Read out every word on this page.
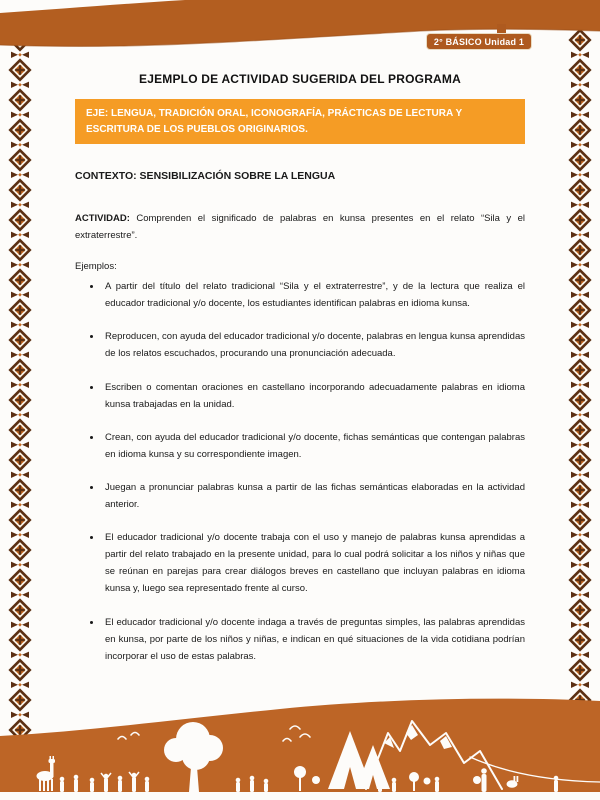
2° BÁSICO Unidad 1
EJEMPLO DE ACTIVIDAD SUGERIDA DEL PROGRAMA
EJE: LENGUA, TRADICIÓN ORAL, ICONOGRAFÍA, PRÁCTICAS DE LECTURA Y ESCRITURA DE LOS PUEBLOS ORIGINARIOS.
CONTEXTO: SENSIBILIZACIÓN SOBRE LA LENGUA

ACTIVIDAD: Comprenden el significado de palabras en kunsa presentes en el relato “Sila y el extraterrestre”.

Ejemplos:

• A partir del título del relato tradicional “Sila y el extraterrestre”, y de la lectura que realiza el educador tradicional y/o docente, los estudiantes identifican palabras en idioma kunsa.
• Reproducen, con ayuda del educador tradicional y/o docente, palabras en lengua kunsa aprendidas de los relatos escuchados, procurando una pronunciación adecuada.
• Escriben o comentan oraciones en castellano incorporando adecuadamente palabras en idioma kunsa trabajadas en la unidad.
• Crean, con ayuda del educador tradicional y/o docente, fichas semánticas que contengan palabras en idioma kunsa y su correspondiente imagen.
• Juegan a pronunciar palabras kunsa a partir de las fichas semánticas elaboradas en la actividad anterior.
• El educador tradicional y/o docente trabaja con el uso y manejo de palabras kunsa aprendidas a partir del relato trabajado en la presente unidad, para lo cual podrá solicitar a los niños y niñas que se reúnan en parejas para crear diálogos breves en castellano que incluyan palabras en idioma kunsa y, luego sea representado frente al curso.
• El educador tradicional y/o docente indaga a través de preguntas simples, las palabras aprendidas en kunsa, por parte de los niños y niñas, e indican en qué situaciones de la vida cotidiana podrían incorporar el uso de estas palabras.
